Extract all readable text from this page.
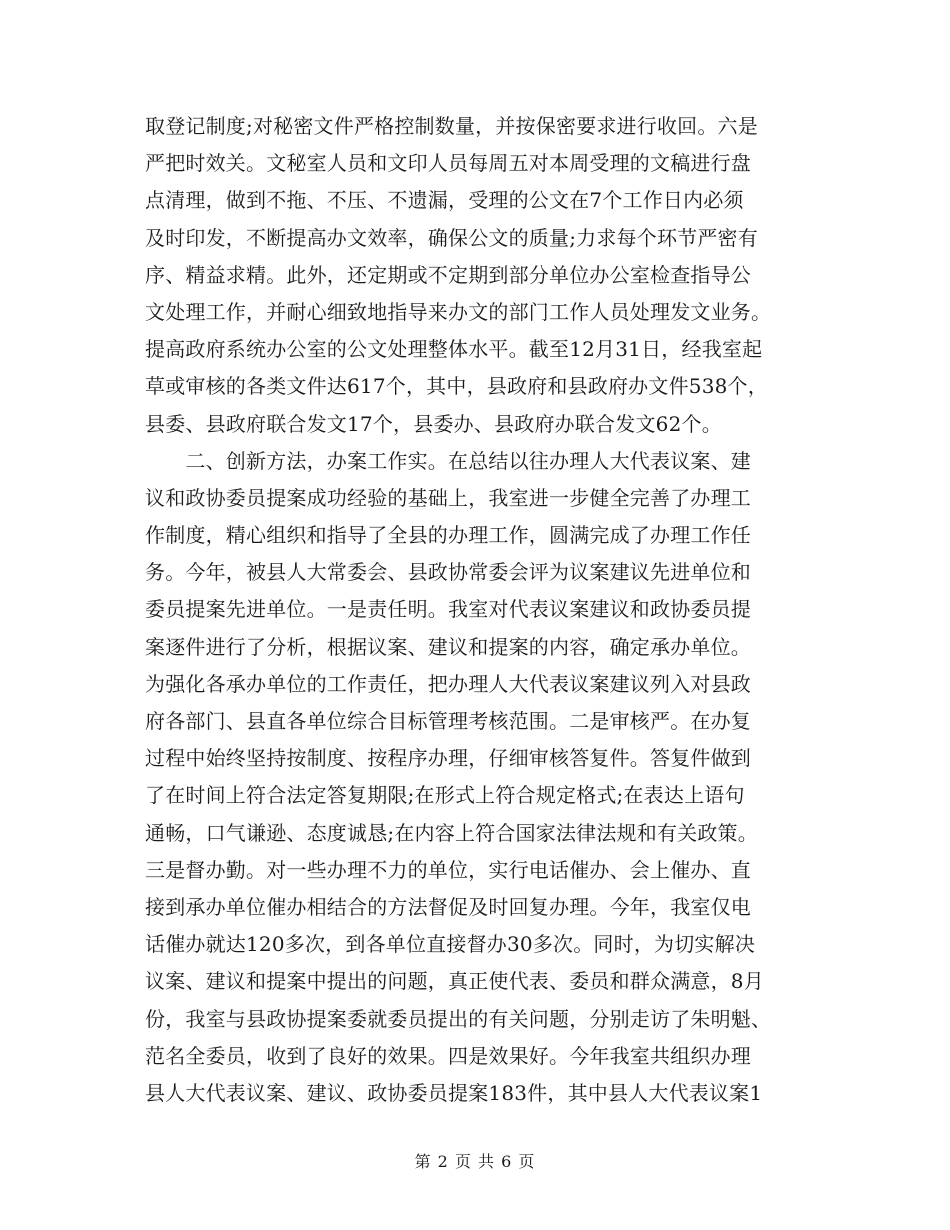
取登记制度;对秘密文件严格控制数量，并按保密要求进行收回。六是
严把时效关。文秘室人员和文印人员每周五对本周受理的文稿进行盘
点清理，做到不拖、不压、不遗漏，受理的公文在7个工作日内必须
及时印发，不断提高办文效率，确保公文的质量;力求每个环节严密有
序、精益求精。此外，还定期或不定期到部分单位办公室检查指导公
文处理工作，并耐心细致地指导来办文的部门工作人员处理发文业务。
提高政府系统办公室的公文处理整体水平。截至12月31日，经我室起
草或审核的各类文件达617个，其中，县政府和县政府办文件538个，
县委、县政府联合发文17个，县委办、县政府办联合发文62个。
　　二、创新方法，办案工作实。在总结以往办理人大代表议案、建
议和政协委员提案成功经验的基础上，我室进一步健全完善了办理工
作制度，精心组织和指导了全县的办理工作，圆满完成了办理工作任
务。今年，被县人大常委会、县政协常委会评为议案建议先进单位和
委员提案先进单位。一是责任明。我室对代表议案建议和政协委员提
案逐件进行了分析，根据议案、建议和提案的内容，确定承办单位。
为强化各承办单位的工作责任，把办理人大代表议案建议列入对县政
府各部门、县直各单位综合目标管理考核范围。二是审核严。在办复
过程中始终坚持按制度、按程序办理，仔细审核答复件。答复件做到
了在时间上符合法定答复期限;在形式上符合规定格式;在表达上语句
通畅，口气谦逊、态度诚恳;在内容上符合国家法律法规和有关政策。
三是督办勤。对一些办理不力的单位，实行电话催办、会上催办、直
接到承办单位催办相结合的方法督促及时回复办理。今年，我室仅电
话催办就达120多次，到各单位直接督办30多次。同时，为切实解决
议案、建议和提案中提出的问题，真正使代表、委员和群众满意，8月
份，我室与县政协提案委就委员提出的有关问题，分别走访了朱明魁、
范名全委员，收到了良好的效果。四是效果好。今年我室共组织办理
县人大代表议案、建议、政协委员提案183件，其中县人大代表议案1
第 2 页 共 6 页
